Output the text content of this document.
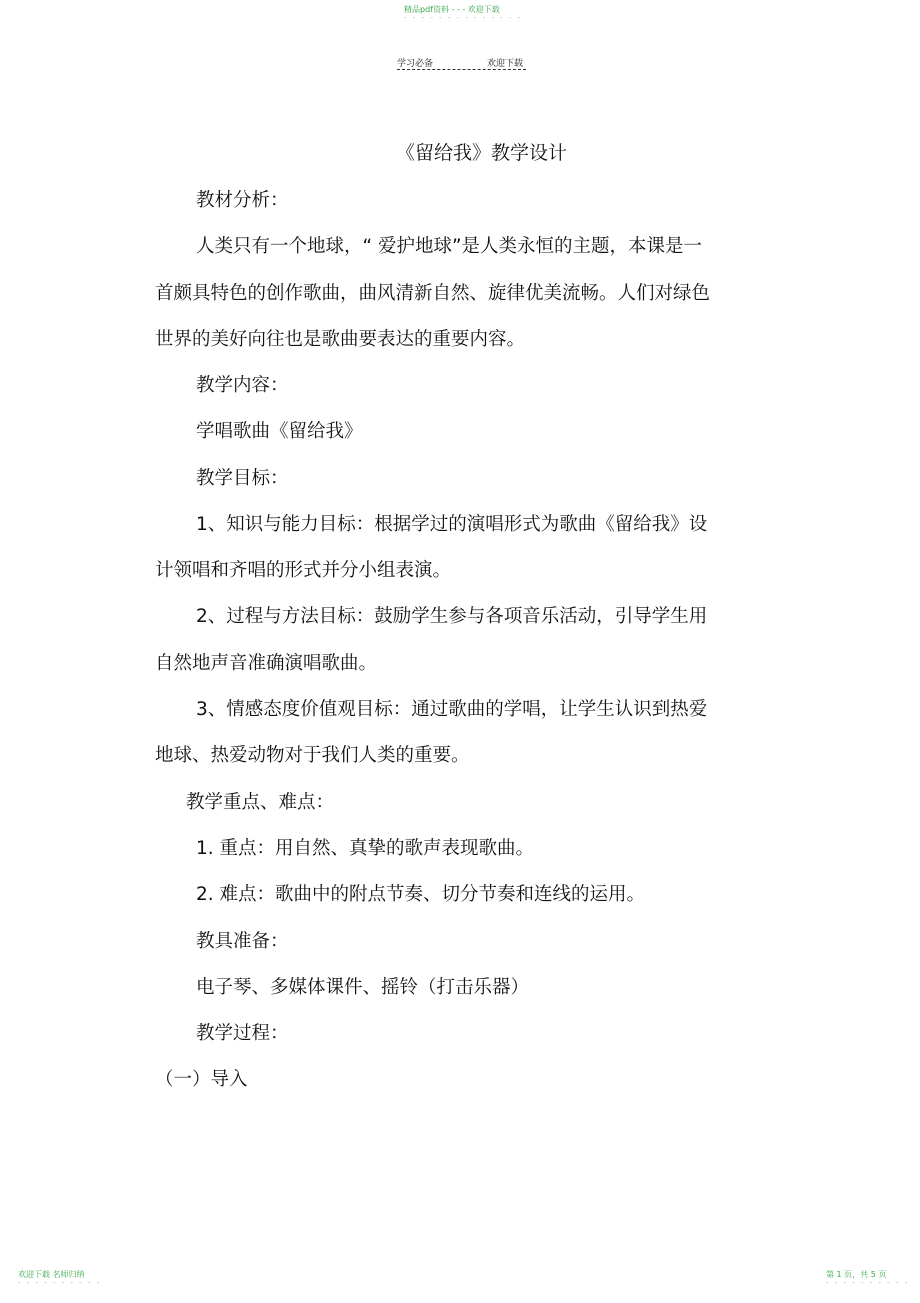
精品pdf资料 - - - 欢迎下载
- - - - - - - - - - - - - -
学习必备	欢迎下载
《留给我》教学设计
教材分析：
人类只有一个地球，“ 爱护地球”是人类永恒的主题，本课是一
首颇具特色的创作歌曲，曲风清新自然、旋律优美流畅。人们对绿色
世界的美好向往也是歌曲要表达的重要内容。
教学内容：
学唱歌曲《留给我》
教学目标：
1、知识与能力目标：根据学过的演唱形式为歌曲《留给我》设
计领唱和齐唱的形式并分小组表演。
2、过程与方法目标：鼓励学生参与各项音乐活动，引导学生用
自然地声音准确演唱歌曲。
3、情感态度价值观目标：通过歌曲的学唱，让学生认识到热爱
地球、热爱动物对于我们人类的重要。
教学重点、难点：
1. 重点：用自然、真挚的歌声表现歌曲。
2. 难点：歌曲中的附点节奏、切分节奏和连线的运用。
教具准备：
电子琴、多媒体课件、摇铃（打击乐器）
教学过程：
（一）导入
欢迎下载 名师归纳
- - - - - - - - - -
第 1 页，共 5 页
- - - - - - - - - -
